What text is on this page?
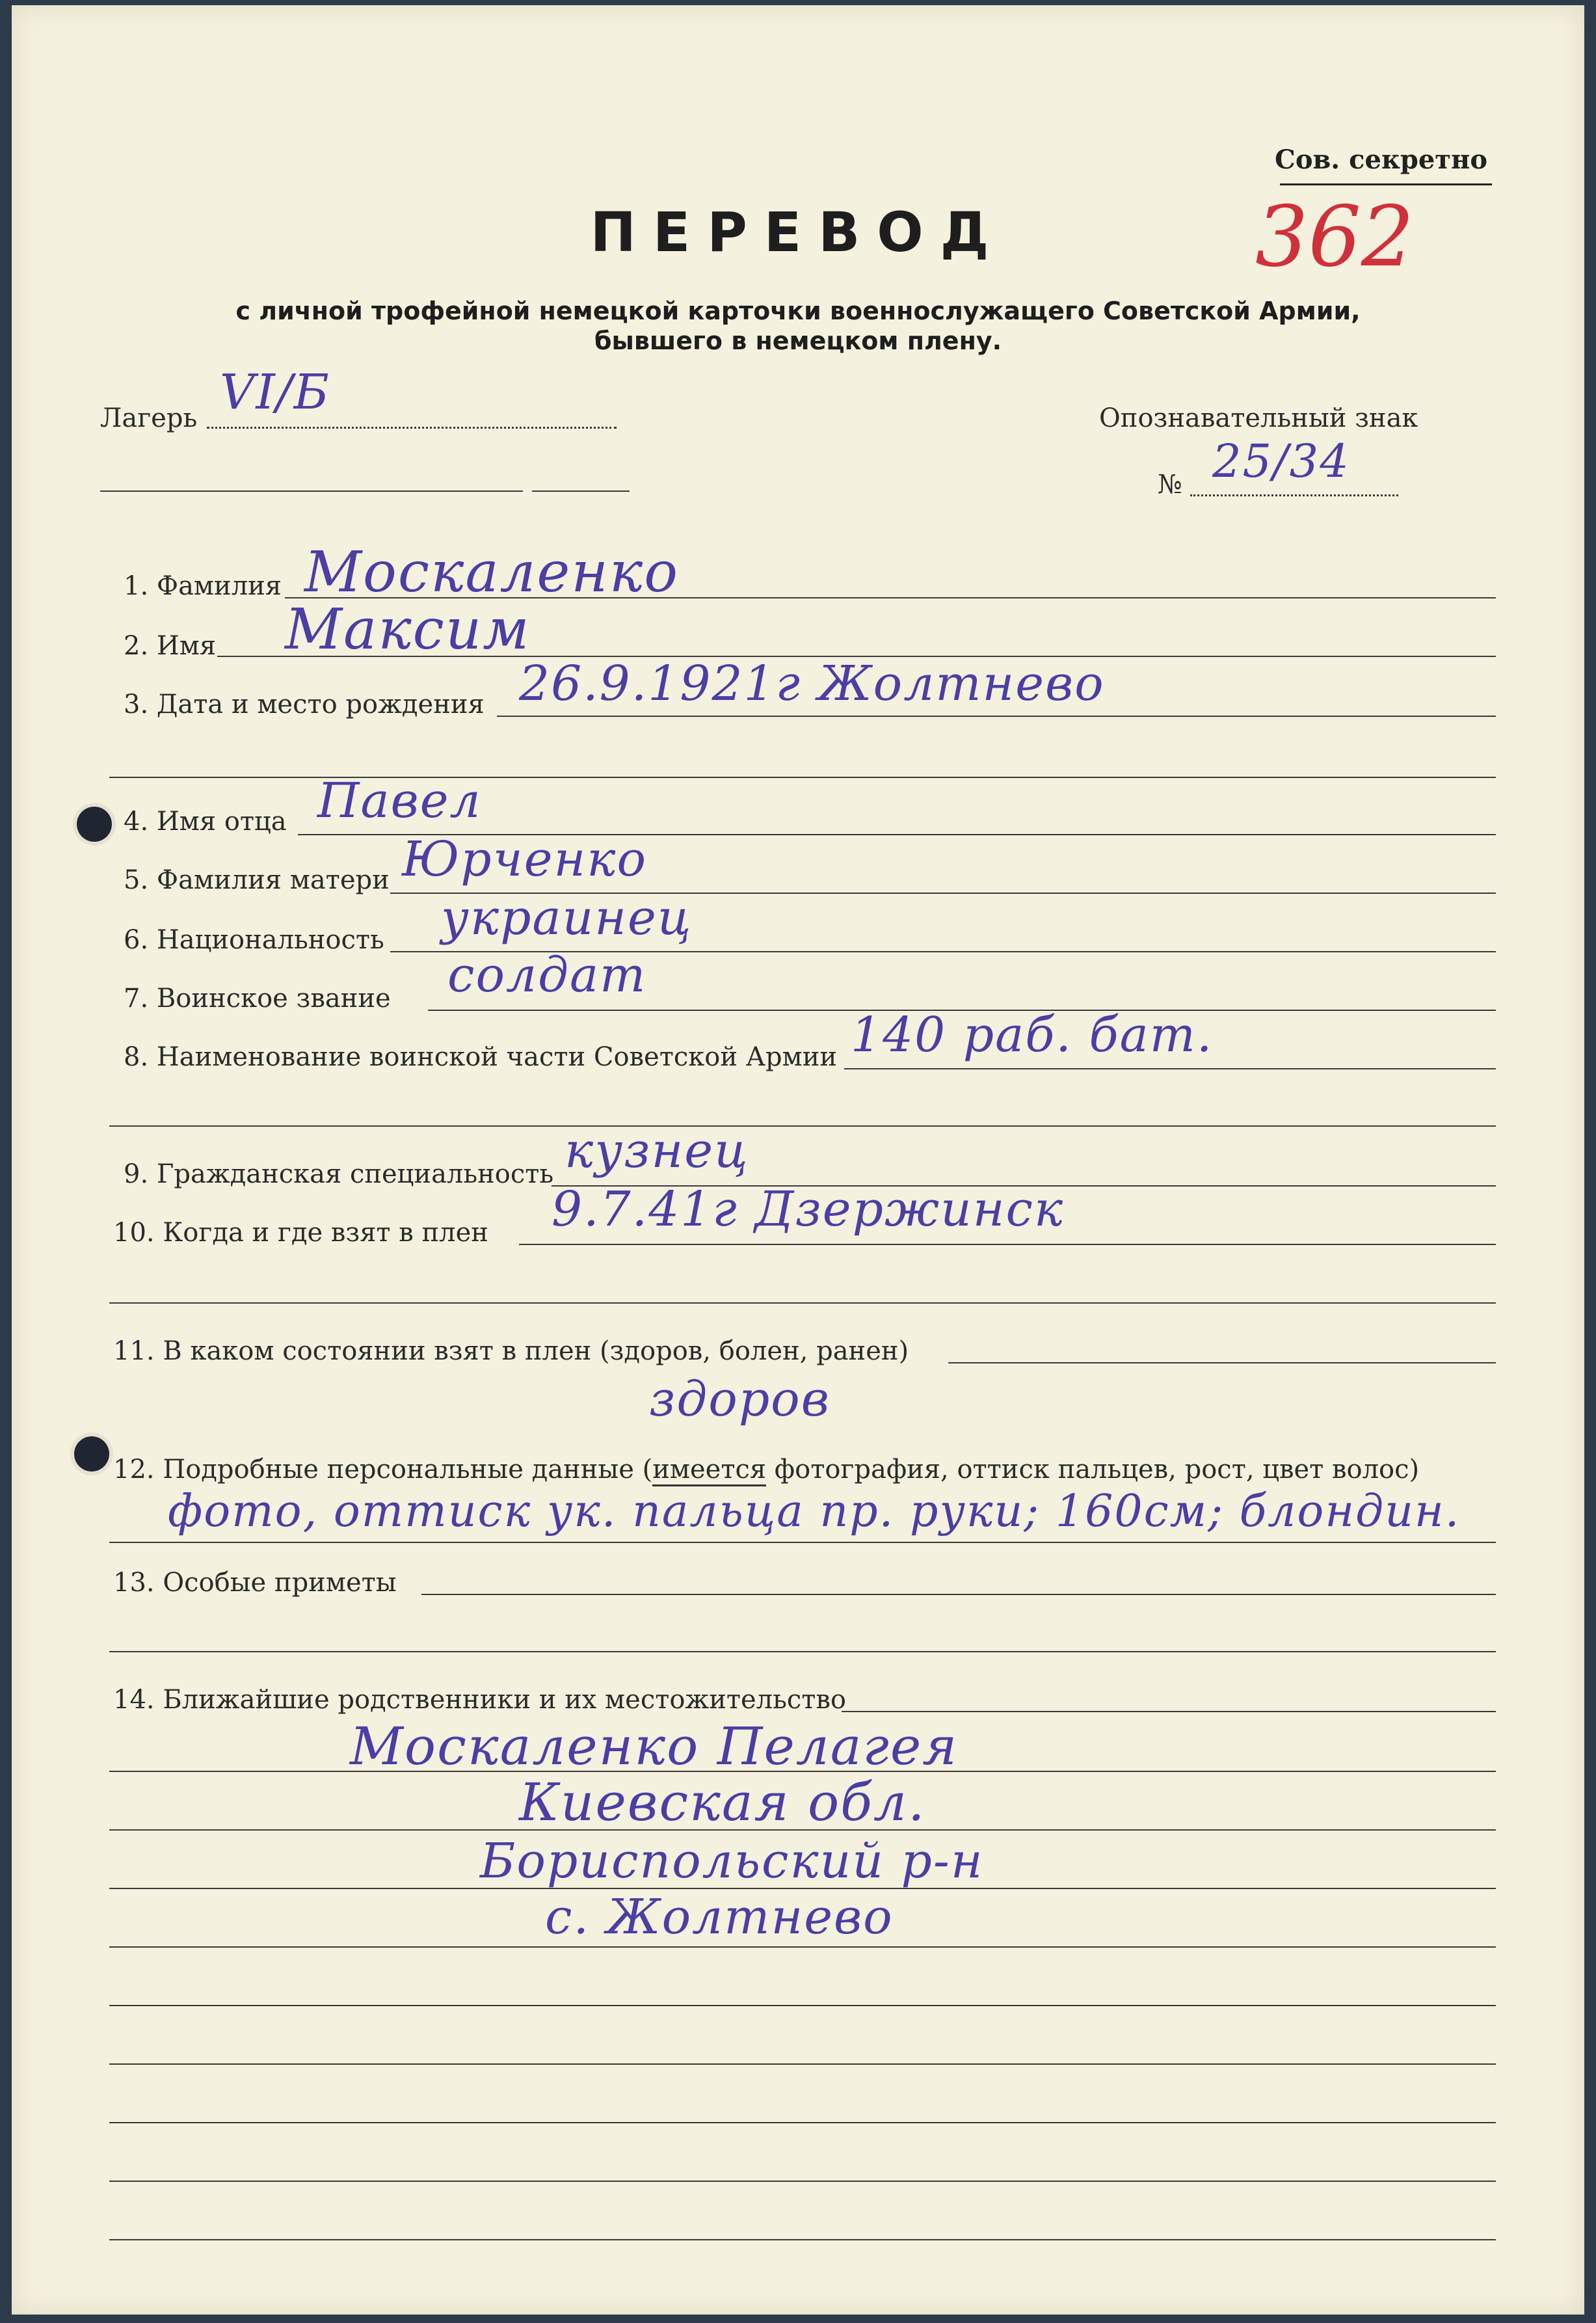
Сов. секретно
362
ПЕРЕВОД
с личной трофейной немецкой карточки военнослужащего Советской Армии,
бывшего в немецком плену.
Лагерь VI/Б	Опознавательный знак
№ 25/34
1. Фамилия Москаленко
2. Имя Максим
3. Дата и место рождения 26.9.1921г Жолтнево
4. Имя отца Павел
5. Фамилия матери Юрченко
6. Национальность украинец
7. Воинское звание солдат
8. Наименование воинской части Советской Армии 140 раб. бат.
9. Гражданская специальность кузнец
10. Когда и где взят в плен 9.7.41г Дзержинск
11. В каком состоянии взят в плен (здоров, болен, ранен)
здоров
12. Подробные персональные данные (имеется фотография, оттиск пальцев, рост, цвет волос)
фото, оттиск ук. пальца пр. руки; 160см; блондин.
13. Особые приметы
14. Ближайшие родственники и их местожительство
Москаленко Пелагея
Киевская обл.
Бориспольский р-н
с. Жолтнево
